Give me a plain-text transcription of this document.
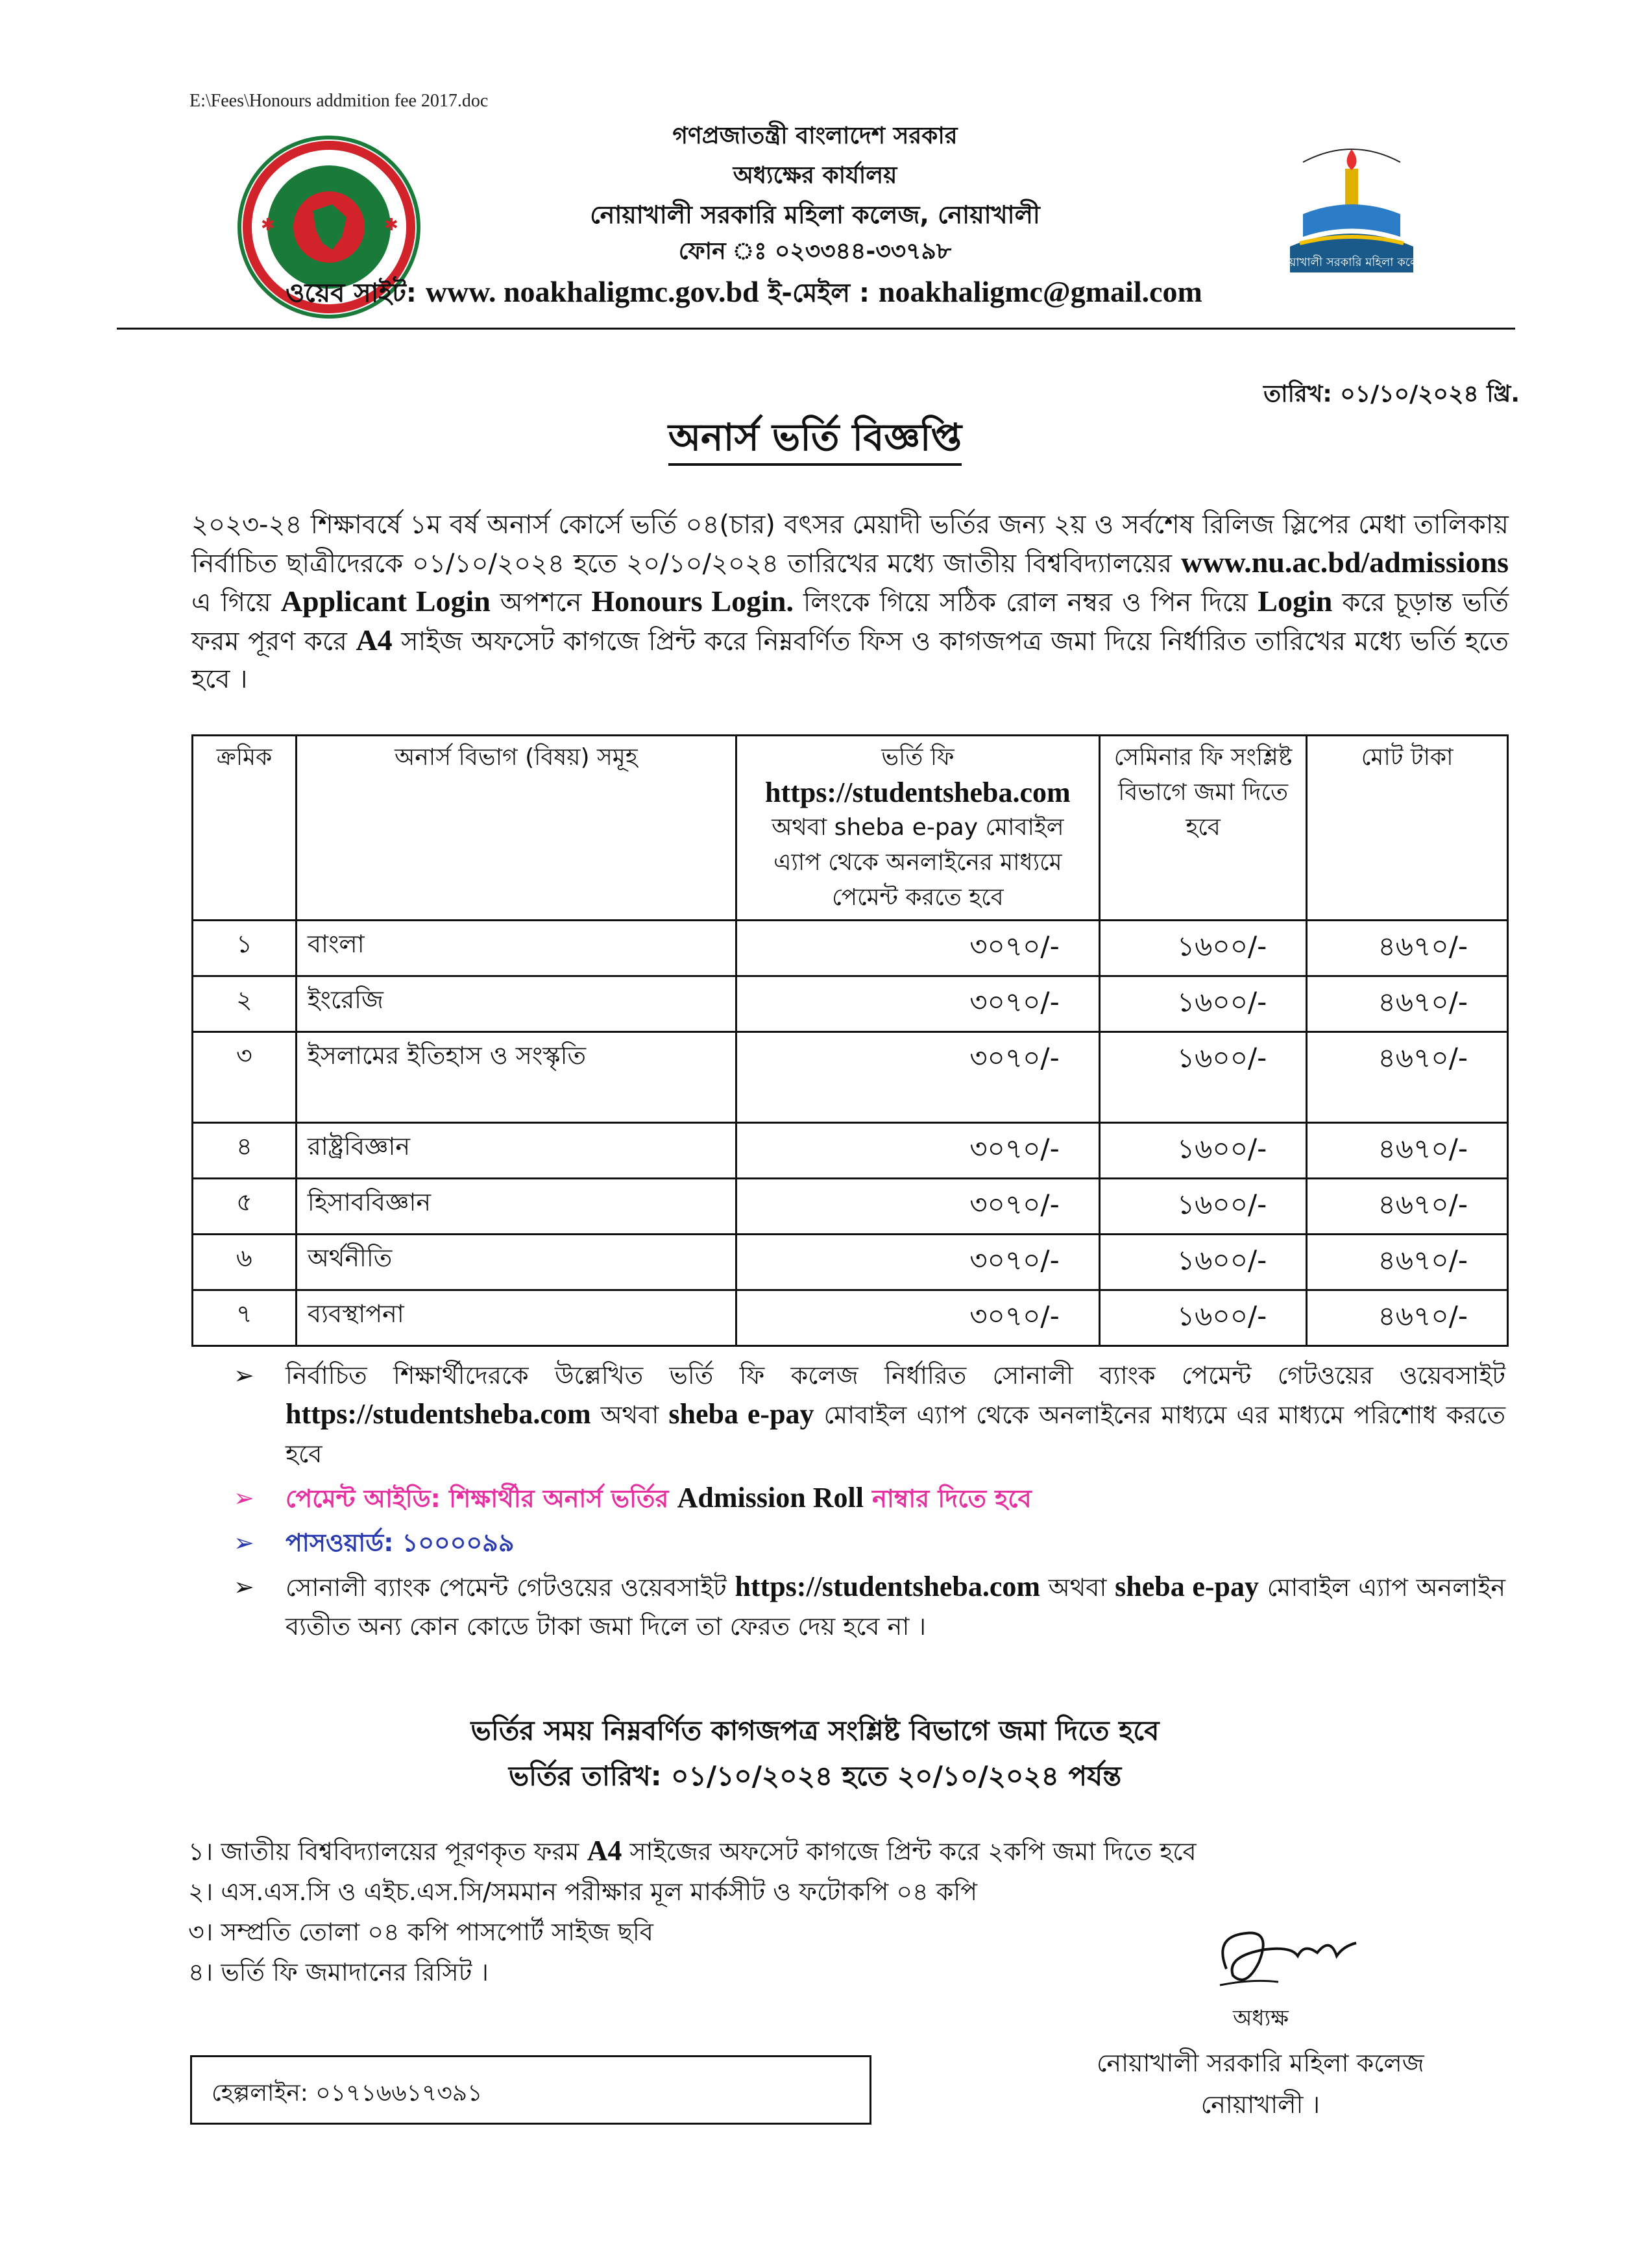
E:\Fees\Honours addmition fee 2017.doc
✱	✱
নোয়াখালী সরকারি মহিলা কলেজ
গণপ্রজাতন্ত্রী বাংলাদেশ সরকার
অধ্যক্ষের কার্যালয়
নোয়াখালী সরকারি মহিলা কলেজ, নোয়াখালী
ফোন ঃ ০২৩৩৪৪-৩৩৭৯৮
ওয়েব সাইট: www. noakhaligmc.gov.bd ই-মেইল : noakhaligmc@gmail.com
তারিখ: ০১/১০/২০২৪ খ্রি.
অনার্স ভর্তি বিজ্ঞপ্তি
২০২৩-২৪ শিক্ষাবর্ষে ১ম বর্ষ অনার্স কোর্সে ভর্তি ০৪(চার) বৎসর মেয়াদী ভর্তির জন্য ২য় ও সর্বশেষ রিলিজ স্লিপের মেধা তালিকায় নির্বাচিত ছাত্রীদেরকে ০১/১০/২০২৪ হতে ২০/১০/২০২৪ তারিখের মধ্যে জাতীয় বিশ্ববিদ্যালয়ের www.nu.ac.bd/admissions এ গিয়ে Applicant Login অপশনে Honours Login. লিংকে গিয়ে সঠিক রোল নম্বর ও পিন দিয়ে Login করে চূড়ান্ত ভর্তি ফরম পূরণ করে A4 সাইজ অফসেট কাগজে প্রিন্ট করে নিম্নবর্ণিত ফিস ও কাগজপত্র জমা দিয়ে নির্ধারিত তারিখের মধ্যে ভর্তি হতে হবে ।
ক্রমিক	অনার্স বিভাগ (বিষয়) সমূহ	ভর্তি ফি
https://studentsheba.com
অথবা sheba e-pay মোবাইল এ্যাপ থেকে অনলাইনের মাধ্যমে পেমেন্ট করতে হবে	সেমিনার ফি সংশ্লিষ্ট বিভাগে জমা দিতে হবে	মোট টাকা
১	বাংলা	৩০৭০/-	১৬০০/-	৪৬৭০/-
২	ইংরেজি	৩০৭০/-	১৬০০/-	৪৬৭০/-
৩	ইসলামের ইতিহাস ও সংস্কৃতি	৩০৭০/-	১৬০০/-	৪৬৭০/-
৪	রাষ্ট্রবিজ্ঞান	৩০৭০/-	১৬০০/-	৪৬৭০/-
৫	হিসাববিজ্ঞান	৩০৭০/-	১৬০০/-	৪৬৭০/-
৬	অর্থনীতি	৩০৭০/-	১৬০০/-	৪৬৭০/-
৭	ব্যবস্থাপনা	৩০৭০/-	১৬০০/-	৪৬৭০/-
➢ নির্বাচিত শিক্ষার্থীদেরকে উল্লেখিত ভর্তি ফি কলেজ নির্ধারিত সোনালী ব্যাংক পেমেন্ট গেটওয়ের ওয়েবসাইট https://studentsheba.com অথবা sheba e-pay মোবাইল এ্যাপ থেকে অনলাইনের মাধ্যমে এর মাধ্যমে পরিশোধ করতে হবে
➢ পেমেন্ট আইডি: শিক্ষার্থীর অনার্স ভর্তির Admission Roll নাম্বার দিতে হবে
➢ পাসওয়ার্ড: ১০০০০৯৯
➢ সোনালী ব্যাংক পেমেন্ট গেটওয়ের ওয়েবসাইট https://studentsheba.com অথবা sheba e-pay মোবাইল এ্যাপ অনলাইন ব্যতীত অন্য কোন কোডে টাকা জমা দিলে তা ফেরত দেয় হবে না ।
ভর্তির সময় নিম্নবর্ণিত কাগজপত্র সংশ্লিষ্ট বিভাগে জমা দিতে হবে
ভর্তির তারিখ: ০১/১০/২০২৪ হতে ২০/১০/২০২৪ পর্যন্ত
১। জাতীয় বিশ্ববিদ্যালয়ের পূরণকৃত ফরম A4 সাইজের অফসেট কাগজে প্রিন্ট করে ২কপি জমা দিতে হবে
২। এস.এস.সি ও এইচ.এস.সি/সমমান পরীক্ষার মূল মার্কসীট ও ফটোকপি ০৪ কপি
৩। সম্প্রতি তোলা ০৪ কপি পাসপোর্ট সাইজ ছবি
৪। ভর্তি ফি জমাদানের রিসিট ।
অধ্যক্ষ
নোয়াখালী সরকারি মহিলা কলেজ
নোয়াখালী ।
হেল্পলাইন: ০১৭১৬৬১৭৩৯১
